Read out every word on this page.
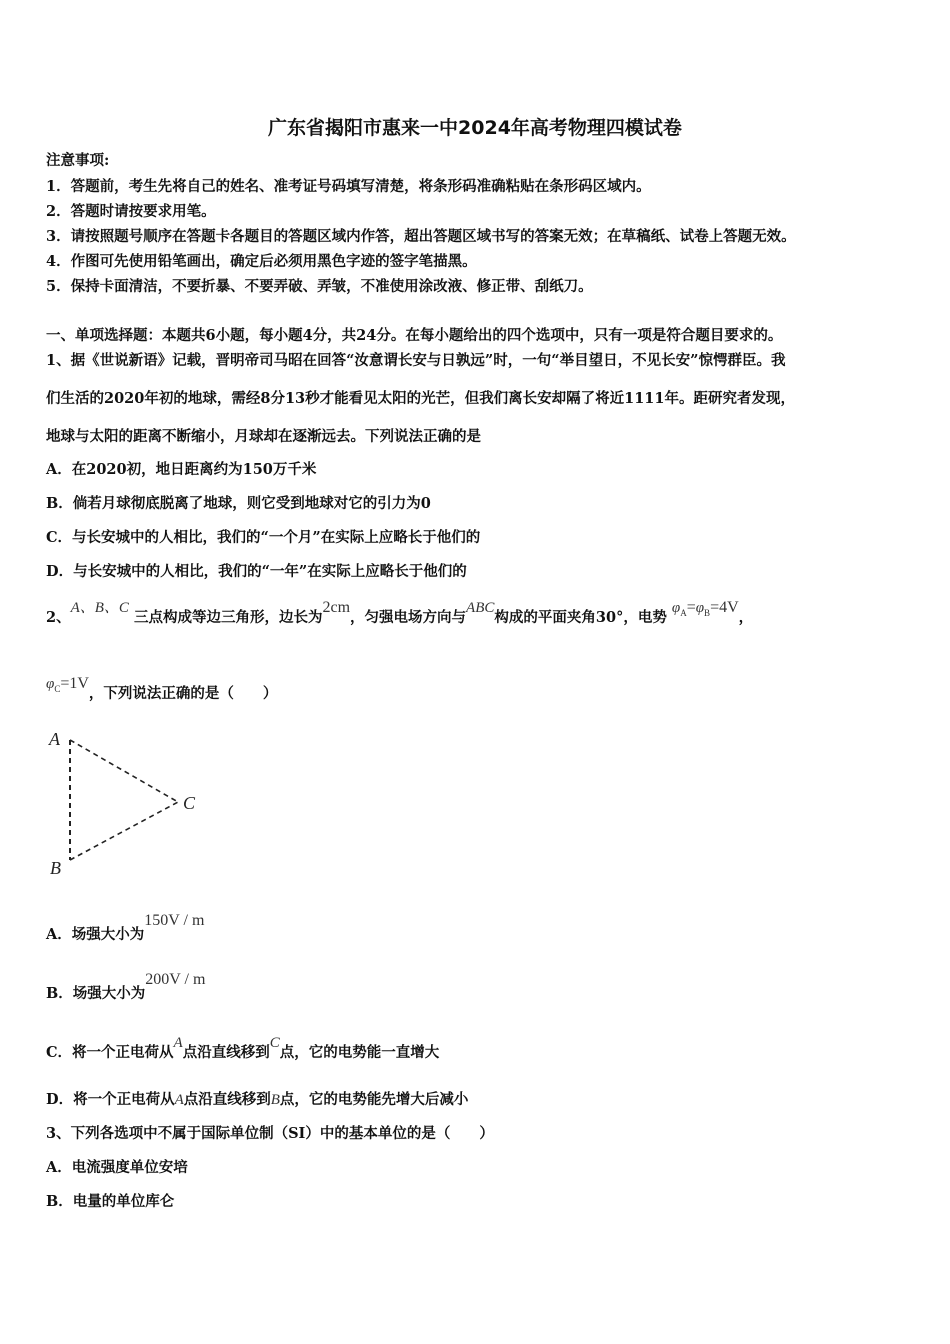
广东省揭阳市惠来一中2024年高考物理四模试卷
注意事项:
1．答题前，考生先将自己的姓名、准考证号码填写清楚，将条形码准确粘贴在条形码区域内。
2．答题时请按要求用笔。
3．请按照题号顺序在答题卡各题目的答题区域内作答，超出答题区域书写的答案无效；在草稿纸、试卷上答题无效。
4．作图可先使用铅笔画出，确定后必须用黑色字迹的签字笔描黑。
5．保持卡面清洁，不要折暴、不要弄破、弄皱，不准使用涂改液、修正带、刮纸刀。
一、单项选择题：本题共6小题，每小题4分，共24分。在每小题给出的四个选项中，只有一项是符合题目要求的。
1、据《世说新语》记载，晋明帝司马昭在回答“汝意谓长安与日孰远”时，一句“举目望日，不见长安”惊愕群臣。我
们生活的2020年初的地球，需经8分13秒才能看见太阳的光芒，但我们离长安却隔了将近1111年。距研究者发现，
地球与太阳的距离不断缩小，月球却在逐渐远去。下列说法正确的是
A．在2020初，地日距离约为150万千米
B．倘若月球彻底脱离了地球，则它受到地球对它的引力为0
C．与长安城中的人相比，我们的“一个月”在实际上应略长于他们的
D．与长安城中的人相比，我们的“一年”在实际上应略长于他们的
2、A、B、C 三点构成等边三角形，边长为2cm，匀强电场方向与ABC构成的平面夹角30°，电势 $\varphi_A=\varphi_B=4V$，
$\varphi_C=1V$，下列说法正确的是（　　）
A
B
C
A．场强大小为150V / m
B．场强大小为200V / m
C．将一个正电荷从A点沿直线移到C点，它的电势能一直增大
D．将一个正电荷从A点沿直线移到B点，它的电势能先增大后减小
3、下列各选项中不属于国际单位制（SI）中的基本单位的是（　　）
A．电流强度单位安培
B．电量的单位库仑
